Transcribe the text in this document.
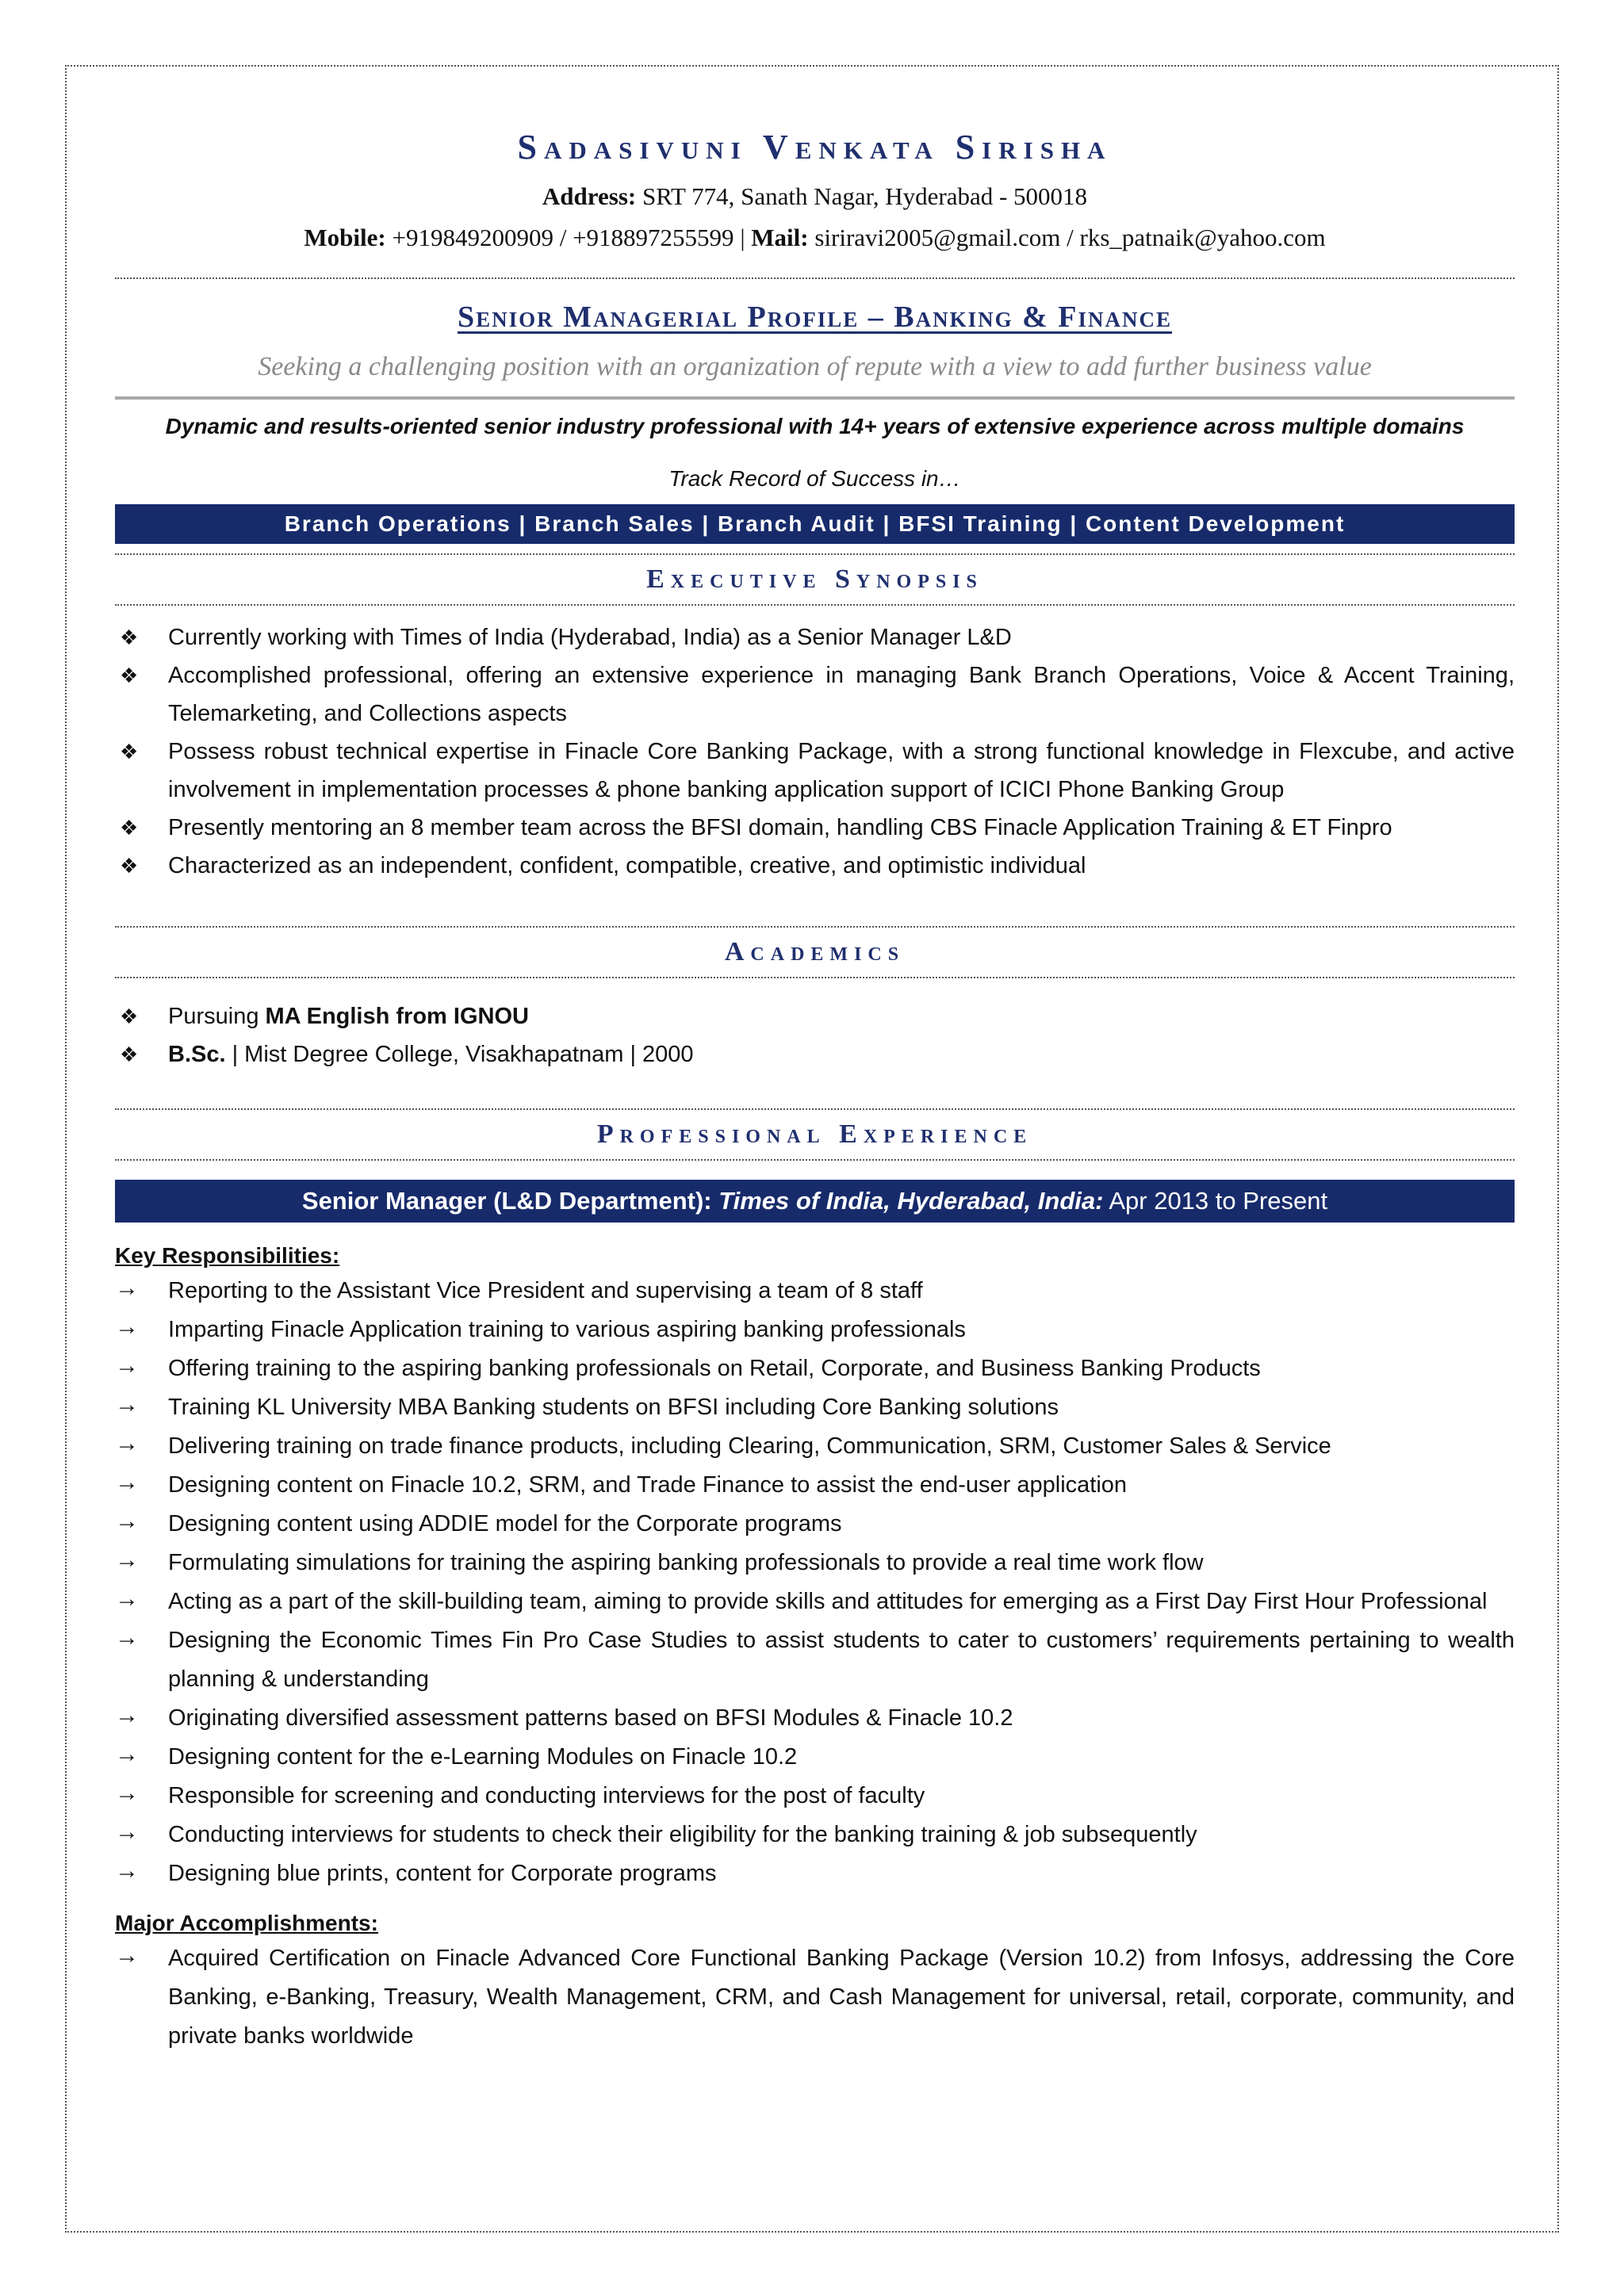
Sadasivuni Venkata Sirisha
Address: SRT 774, Sanath Nagar, Hyderabad - 500018
Mobile: +919849200909 / +918897255599 | Mail: siriravi2005@gmail.com / rks_patnaik@yahoo.com
Senior Managerial Profile – Banking & Finance
Seeking a challenging position with an organization of repute with a view to add further business value
Dynamic and results-oriented senior industry professional with 14+ years of extensive experience across multiple domains
Track Record of Success in…
Branch Operations | Branch Sales | Branch Audit | BFSI Training | Content Development
Executive Synopsis
❖ Currently working with Times of India (Hyderabad, India) as a Senior Manager L&D
❖ Accomplished professional, offering an extensive experience in managing Bank Branch Operations, Voice & Accent Training, Telemarketing, and Collections aspects
❖ Possess robust technical expertise in Finacle Core Banking Package, with a strong functional knowledge in Flexcube, and active involvement in implementation processes & phone banking application support of ICICI Phone Banking Group
❖ Presently mentoring an 8 member team across the BFSI domain, handling CBS Finacle Application Training & ET Finpro
❖ Characterized as an independent, confident, compatible, creative, and optimistic individual
Academics
❖ Pursuing MA English from IGNOU
❖ B.Sc. | Mist Degree College, Visakhapatnam | 2000
Professional Experience
Senior Manager (L&D Department): Times of India, Hyderabad, India: Apr 2013 to Present
Key Responsibilities:
→ Reporting to the Assistant Vice President and supervising a team of 8 staff
→ Imparting Finacle Application training to various aspiring banking professionals
→ Offering training to the aspiring banking professionals on Retail, Corporate, and Business Banking Products
→ Training KL University MBA Banking students on BFSI including Core Banking solutions
→ Delivering training on trade finance products, including Clearing, Communication, SRM, Customer Sales & Service
→ Designing content on Finacle 10.2, SRM, and Trade Finance to assist the end-user application
→ Designing content using ADDIE model for the Corporate programs
→ Formulating simulations for training the aspiring banking professionals to provide a real time work flow
→ Acting as a part of the skill-building team, aiming to provide skills and attitudes for emerging as a First Day First Hour Professional
→ Designing the Economic Times Fin Pro Case Studies to assist students to cater to customers’ requirements pertaining to wealth planning & understanding
→ Originating diversified assessment patterns based on BFSI Modules & Finacle 10.2
→ Designing content for the e-Learning Modules on Finacle 10.2
→ Responsible for screening and conducting interviews for the post of faculty
→ Conducting interviews for students to check their eligibility for the banking training & job subsequently
→ Designing blue prints, content for Corporate programs
Major Accomplishments:
→ Acquired Certification on Finacle Advanced Core Functional Banking Package (Version 10.2) from Infosys, addressing the Core Banking, e-Banking, Treasury, Wealth Management, CRM, and Cash Management for universal, retail, corporate, community, and private banks worldwide
